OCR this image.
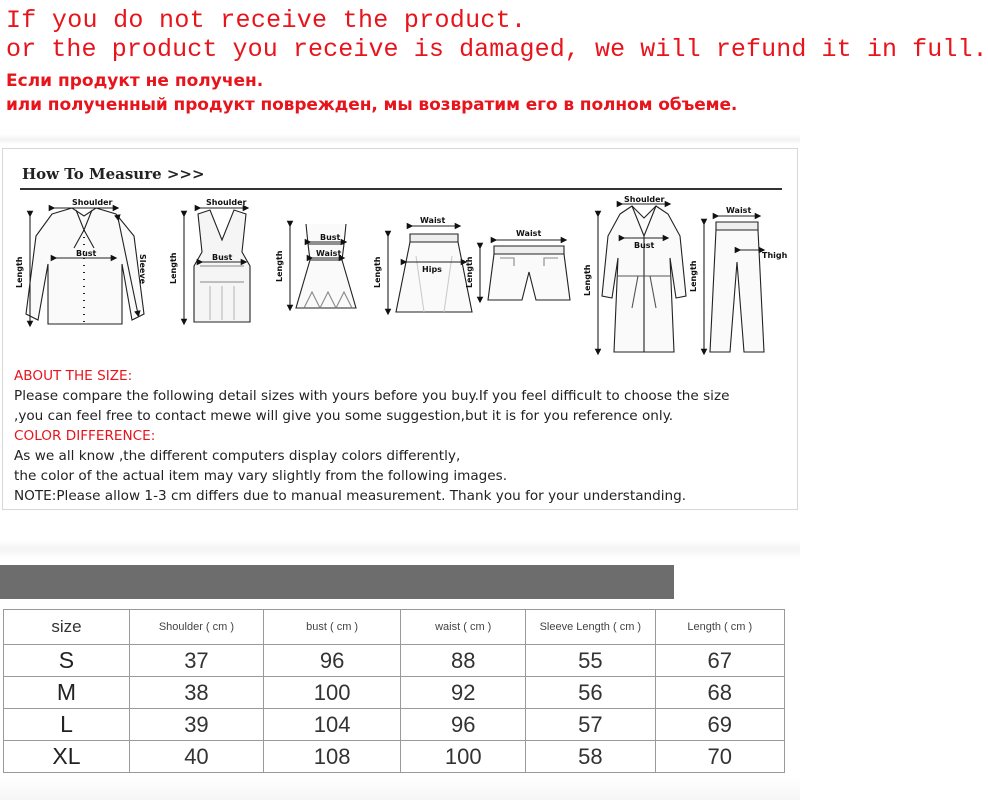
If you do not receive the product.
or the product you receive is damaged, we will refund it in full.
Если продукт не получен.
или полученный продукт поврежден, мы возвратим его в полном объеме.
How To Measure >>>
Shoulder
Bust
Sleeve
Length
Shoulder
Bust
Length
Bust
Waist
Length
Waist
Hips
Length
Waist
Length
Shoulder
Bust
Length
Waist
Thigh
Length
ABOUT THE SIZE:
Please compare the following detail sizes with yours before you buy.If you feel difficult to choose the size
,you can feel free to contact mewe will give you some suggestion,but it is for you reference only.
COLOR DIFFERENCE:
As we all know ,the different computers display colors differently,
the color of the actual item may vary slightly from the following images.
NOTE:Please allow 1-3 cm differs due to manual measurement. Thank you for your understanding.
size	Shoulder ( cm )	bust ( cm )	waist ( cm )	Sleeve Length ( cm )	Length ( cm )
S	37	96	88	55	67
M	38	100	92	56	68
L	39	104	96	57	69
XL	40	108	100	58	70
